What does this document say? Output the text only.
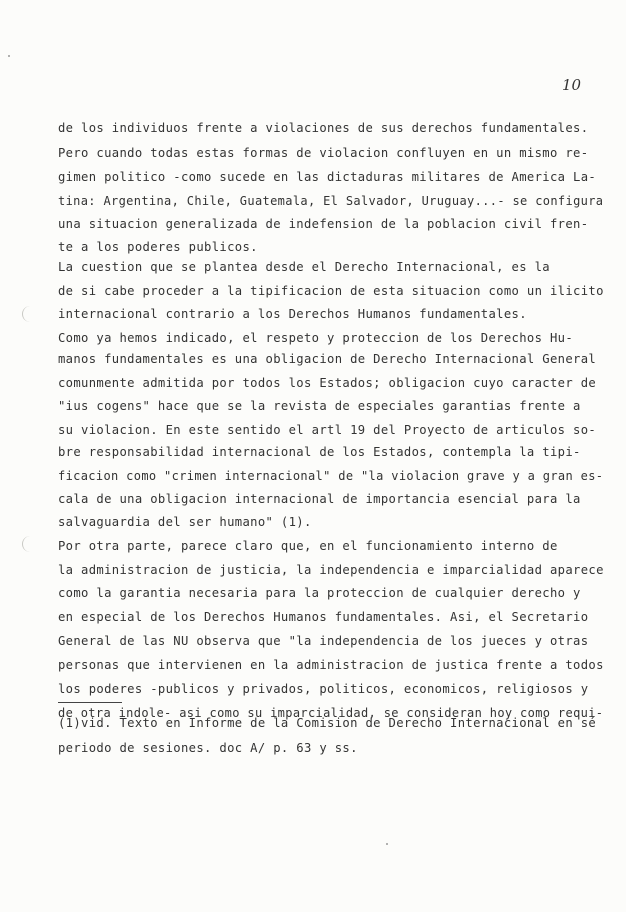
10
de los individuos frente a violaciones de sus derechos fundamentales.
Pero cuando todas estas formas de violacion confluyen en un mismo re-
gimen politico -como sucede en las dictaduras militares de America La-
tina: Argentina, Chile, Guatemala, El Salvador, Uruguay...- se configura
una situacion generalizada de indefension de la poblacion civil fren-
te a los poderes publicos.
La cuestion que se plantea desde el Derecho Internacional, es la
de si cabe proceder a la tipificacion de esta situacion como un ilicito
internacional contrario a los Derechos Humanos fundamentales.
Como ya hemos indicado, el respeto y proteccion de los Derechos Hu-
manos fundamentales es una obligacion de Derecho Internacional General
comunmente admitida por todos los Estados; obligacion cuyo caracter de
"ius cogens" hace que se la revista de especiales garantias frente a
su violacion. En este sentido el artl 19 del Proyecto de articulos so-
bre responsabilidad internacional de los Estados, contempla la tipi-
ficacion como "crimen internacional" de "la violacion grave y a gran es-
cala de una obligacion internacional de importancia esencial para la
salvaguardia del ser humano" (1).
Por otra parte, parece claro que, en el funcionamiento interno de
la administracion de justicia, la independencia e imparcialidad aparece
como la garantia necesaria para la proteccion de cualquier derecho y
en especial de los Derechos Humanos fundamentales. Asi, el Secretario
General de las NU observa que "la independencia de los jueces y otras
personas que intervienen en la administracion de justica frente a todos
los poderes -publicos y privados, politicos, economicos, religiosos y
de otra indole- asi como su imparcialidad, se consideran hoy como requi-
(1)vid. Texto en Informe de la Comision de Derecho Internacional en sé
periodo de sesiones. doc A/ p. 63 y ss.
